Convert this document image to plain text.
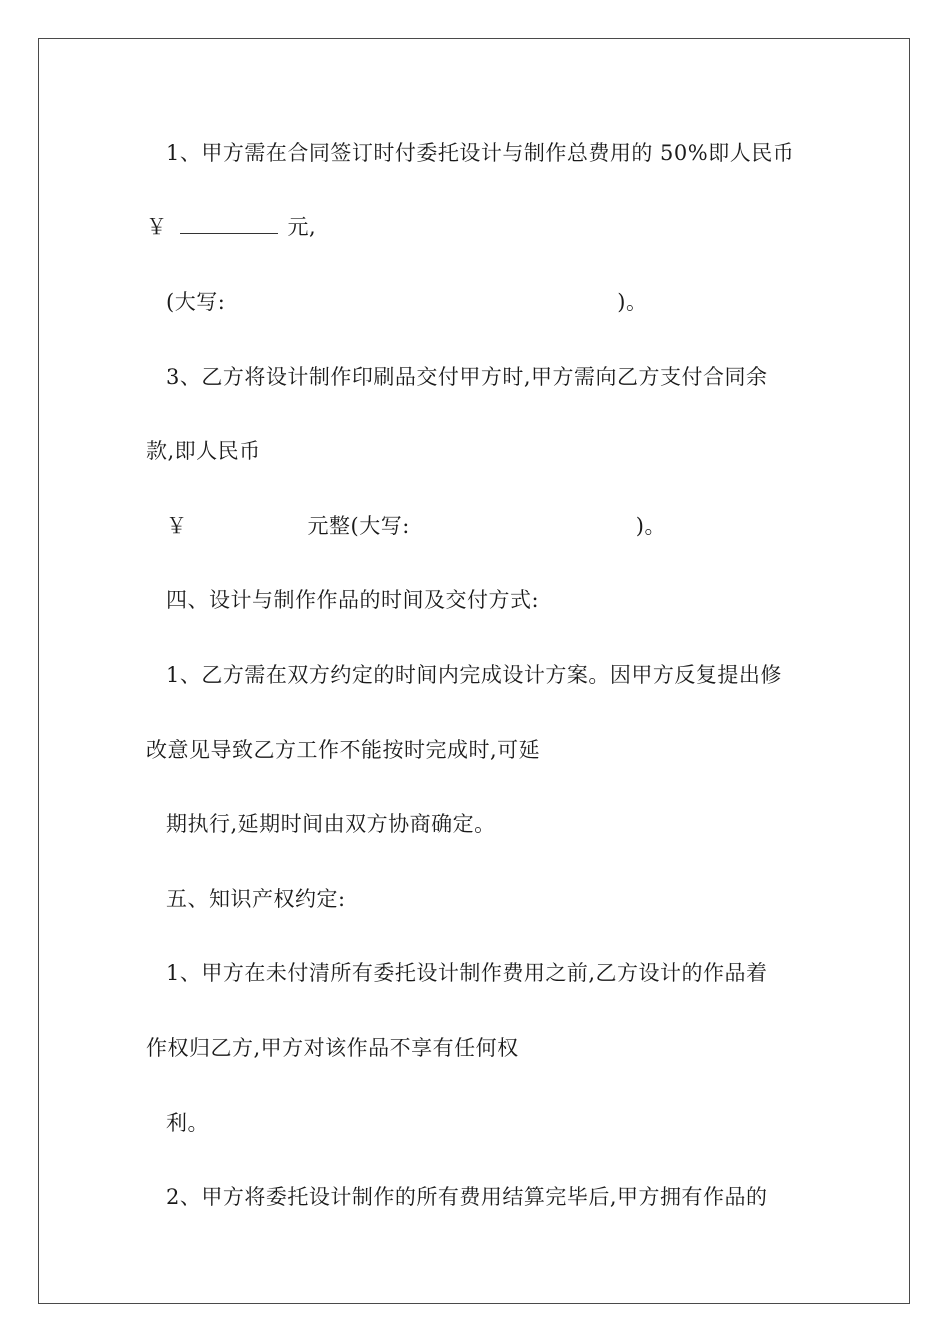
1、甲方需在合同签订时付委托设计与制作总费用的 50%即人民币
￥	元,
(大写:	)。
3、乙方将设计制作印刷品交付甲方时,甲方需向乙方支付合同余
款,即人民币
￥	元整(大写:	)。
四、设计与制作作品的时间及交付方式:
1、乙方需在双方约定的时间内完成设计方案。因甲方反复提出修
改意见导致乙方工作不能按时完成时,可延
期执行,延期时间由双方协商确定。
五、知识产权约定:
1、甲方在未付清所有委托设计制作费用之前,乙方设计的作品着
作权归乙方,甲方对该作品不享有任何权
利。
2、甲方将委托设计制作的所有费用结算完毕后,甲方拥有作品的
